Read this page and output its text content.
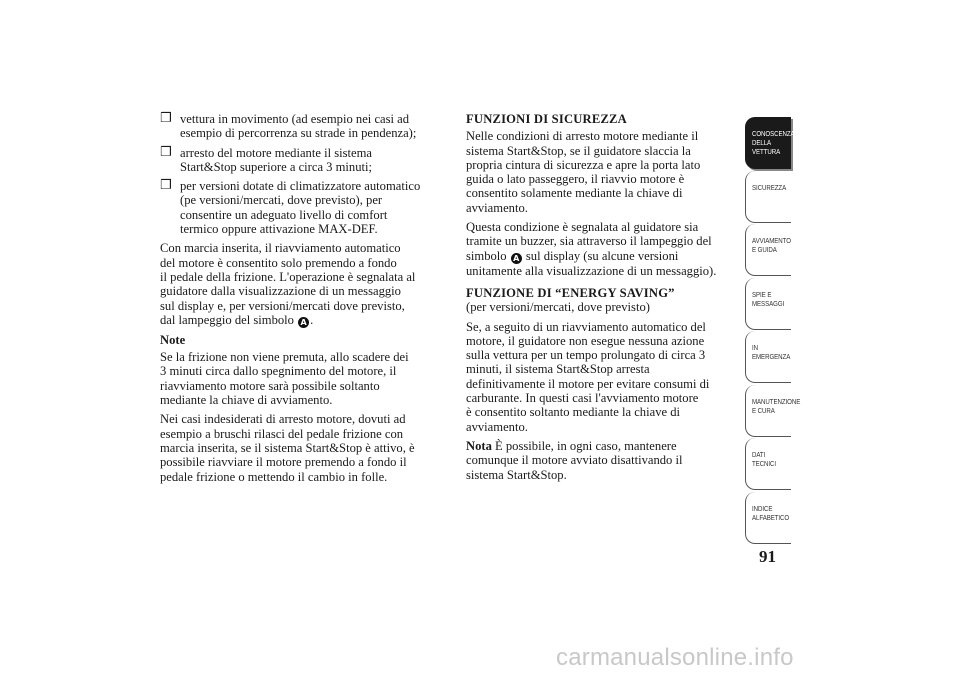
❒ vettura in movimento (ad esempio nei casi ad
esempio di percorrenza su strade in pendenza);
❒ arresto del motore mediante il sistema
Start&Stop superiore a circa 3 minuti;
❒ per versioni dotate di climatizzatore automatico
(pe versioni/mercati, dove previsto), per
consentire un adeguato livello di comfort
termico oppure attivazione MAX-DEF.

Con marcia inserita, il riavviamento automatico
del motore è consentito solo premendo a fondo
il pedale della frizione. L'operazione è segnalata al
guidatore dalla visualizzazione di un messaggio
sul display e, per versioni/mercati dove previsto,
dal lampeggio del simbolo A .

Note

Se la frizione non viene premuta, allo scadere dei
3 minuti circa dallo spegnimento del motore, il
riavviamento motore sarà possibile soltanto
mediante la chiave di avviamento.

Nei casi indesiderati di arresto motore, dovuti ad
esempio a bruschi rilasci del pedale frizione con
marcia inserita, se il sistema Start&Stop è attivo, è
possibile riavviare il motore premendo a fondo il
pedale frizione o mettendo il cambio in folle.

FUNZIONI DI SICUREZZA

Nelle condizioni di arresto motore mediante il
sistema Start&Stop, se il guidatore slaccia la
propria cintura di sicurezza e apre la porta lato
guida o lato passeggero, il riavvio motore è
consentito solamente mediante la chiave di
avviamento.

Questa condizione è segnalata al guidatore sia
tramite un buzzer, sia attraverso il lampeggio del
simbolo A sul display (su alcune versioni
unitamente alla visualizzazione di un messaggio).

FUNZIONE DI “ENERGY SAVING”

(per versioni/mercati, dove previsto)

Se, a seguito di un riavviamento automatico del
motore, il guidatore non esegue nessuna azione
sulla vettura per un tempo prolungato di circa 3
minuti, il sistema Start&Stop arresta
definitivamente il motore per evitare consumi di
carburante. In questi casi l'avviamento motore
è consentito soltanto mediante la chiave di
avviamento.

Nota È possibile, in ogni caso, mantenere
comunque il motore avviato disattivando il
sistema Start&Stop.

CONOSCENZA DELLA VETTURA
SICUREZZA
AVVIAMENTO E GUIDA
SPIE E MESSAGGI
IN EMERGENZA
MANUTENZIONE E CURA
DATI TECNICI
INDICE ALFABETICO
91
carmanualsonline.info
